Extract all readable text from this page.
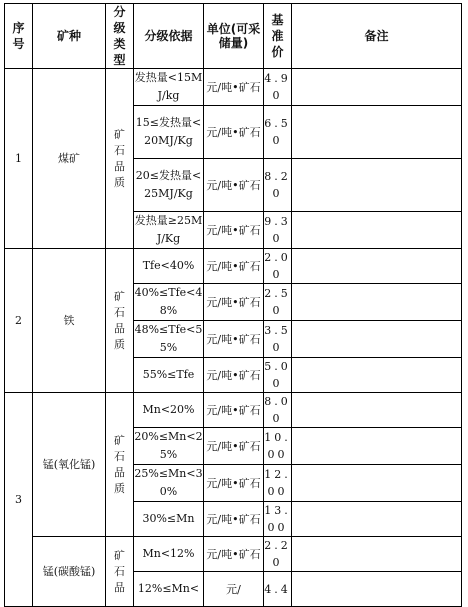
序号	矿种	分级类型	分级依据	单位(可采储量)	基准价	备注
1	煤矿	矿石品质	发热量<15MJ/kg	元/吨•矿石	4.90	
			15≤发热量<20MJ/Kg	元/吨•矿石	6.50	
			20≤发热量<25MJ/Kg	元/吨•矿石	8.20	
			发热量≥25MJ/Kg	元/吨•矿石	9.30	
2	铁	矿石品质	Tfe<40%	元/吨•矿石	2.00	
			40%≤Tfe<48%	元/吨•矿石	2.50	
			48%≤Tfe<55%	元/吨•矿石	3.50	
			55%≤Tfe	元/吨•矿石	5.00	
3	锰(氧化锰)	矿石品质	Mn<20%	元/吨•矿石	8.00	
			20%≤Mn<25%	元/吨•矿石	10.00	
			25%≤Mn<30%	元/吨•矿石	12.00	
			30%≤Mn	元/吨•矿石	13.00	
	锰(碳酸锰)	矿石品	Mn<12%	元/吨•矿石	2.20	
			12%≤Mn<	元/	4.4	
